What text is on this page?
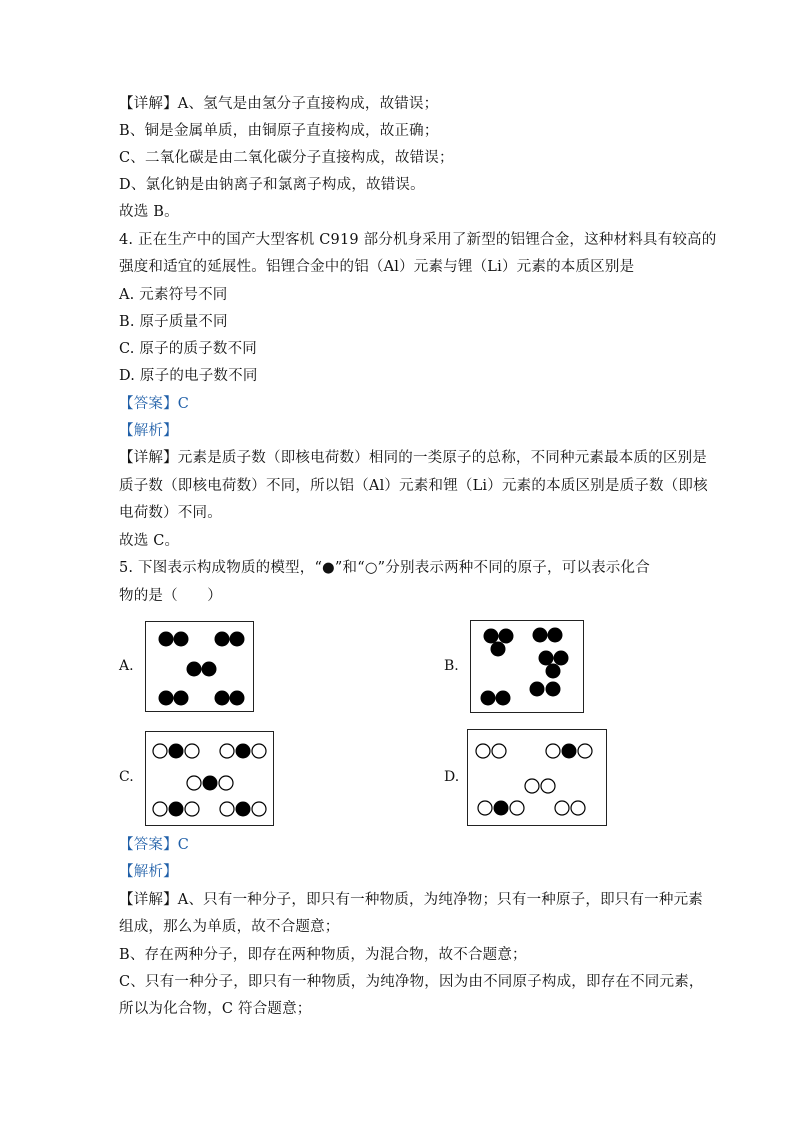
【详解】A、氢气是由氢分子直接构成，故错误；
B、铜是金属单质，由铜原子直接构成，故正确；
C、二氧化碳是由二氧化碳分子直接构成，故错误；
D、氯化钠是由钠离子和氯离子构成，故错误。
故选 B。
4. 正在生产中的国产大型客机 C919 部分机身采用了新型的铝锂合金，这种材料具有较高的
强度和适宜的延展性。铝锂合金中的铝（Al）元素与锂（Li）元素的本质区别是
A. 元素符号不同
B. 原子质量不同
C. 原子的质子数不同
D. 原子的电子数不同
【答案】C
【解析】
【详解】元素是质子数（即核电荷数）相同的一类原子的总称，不同种元素最本质的区别是
质子数（即核电荷数）不同，所以铝（Al）元素和锂（Li）元素的本质区别是质子数（即核
电荷数）不同。
故选 C。
5. 下图表示构成物质的模型，“●”和“○”分别表示两种不同的原子，可以表示化合
物的是（　　）
【答案】C
【解析】
【详解】A、只有一种分子，即只有一种物质，为纯净物；只有一种原子，即只有一种元素
组成，那么为单质，故不合题意；
B、存在两种分子，即存在两种物质，为混合物，故不合题意；
C、只有一种分子，即只有一种物质，为纯净物，因为由不同原子构成，即存在不同元素，
所以为化合物，C 符合题意；
A.	B.
C.	D.
